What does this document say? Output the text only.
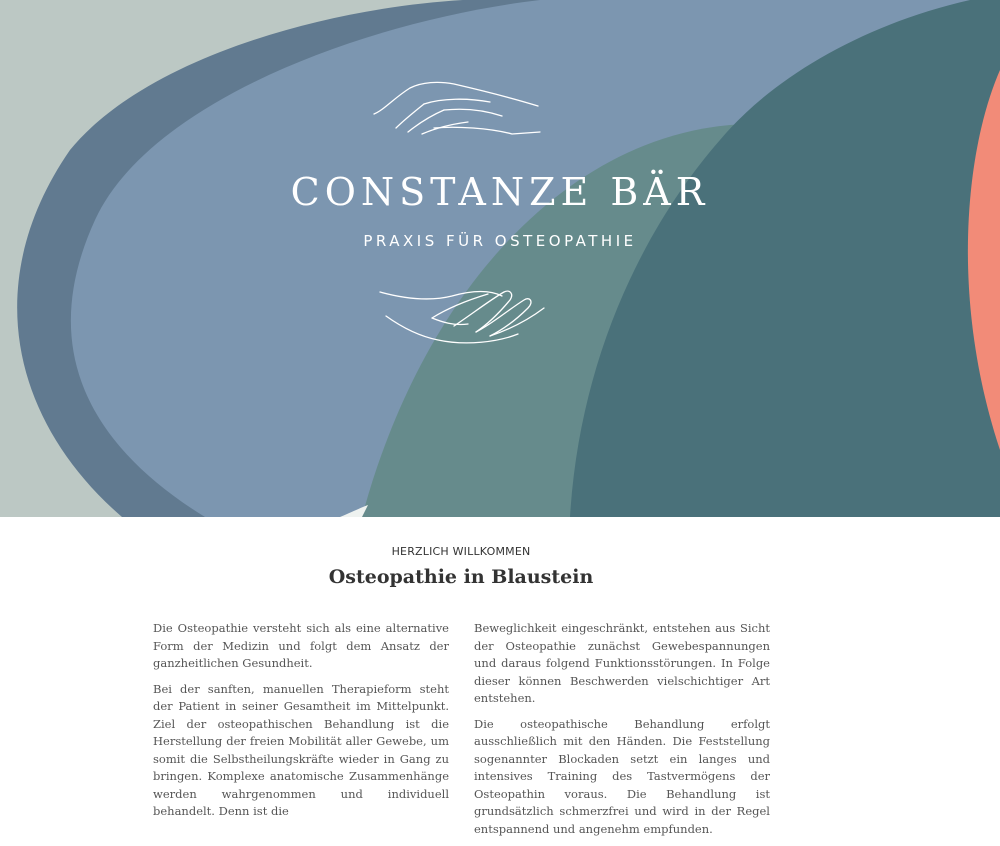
CONSTANZE BÄR
PRAXIS FÜR OSTEOPATHIE
HERZLICH WILLKOMMEN
Osteopathie in Blaustein

Die Osteopathie versteht sich als eine alternative Form der Medizin und folgt dem Ansatz der ganzheitlichen Gesundheit.

Bei der sanften, manuellen Therapieform steht der Patient in seiner Gesamtheit im Mittelpunkt. Ziel der osteopathischen Behandlung ist die Herstellung der freien Mobilität aller Gewebe, um somit die Selbstheilungskräfte wieder in Gang zu bringen. Komplexe anatomische Zusammenhänge werden wahrgenommen und individuell behandelt. Denn ist die

Beweglichkeit eingeschränkt, entstehen aus Sicht der Osteopathie zunächst Gewebespannungen und daraus folgend Funktionsstörungen. In Folge dieser können Beschwerden vielschichtiger Art entstehen.

Die osteopathische Behandlung erfolgt ausschließlich mit den Händen. Die Feststellung sogenannter Blockaden setzt ein langes und intensives Training des Tastvermögens der Osteopathin voraus. Die Behandlung ist grundsätzlich schmerzfrei und wird in der Regel entspannend und angenehm empfunden.
